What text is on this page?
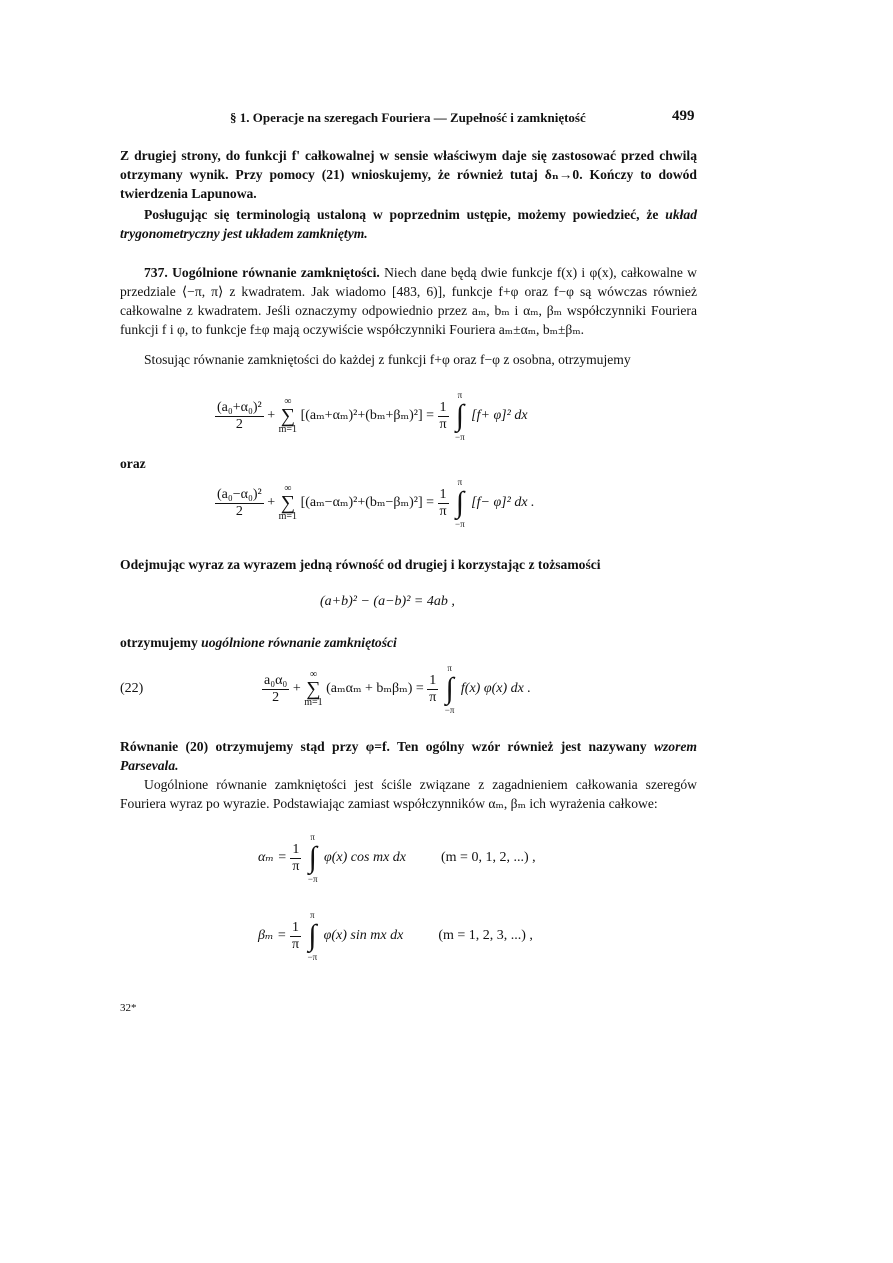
§ 1. Operacje na szeregach Fouriera — Zupełność i zamkniętość	499
Z drugiej strony, do funkcji f' całkowalnej w sensie właściwym daje się zastosować przed chwilą otrzymany wynik. Przy pomocy (21) wnioskujemy, że również tutaj δₙ→0. Kończy to dowód twierdzenia Lapunowa.
Posługując się terminologią ustaloną w poprzednim ustępie, możemy powiedzieć, że układ trygonometryczny jest układem zamkniętym.
737. Uogólnione równanie zamkniętości. Niech dane będą dwie funkcje f(x) i φ(x), całkowalne w przedziale ⟨−π, π⟩ z kwadratem. Jak wiadomo [483, 6)], funkcje f+φ oraz f−φ są wówczas również całkowalne z kwadratem. Jeśli oznaczymy odpowiednio przez aₘ, bₘ i αₘ, βₘ współczynniki Fouriera funkcji f i φ, to funkcje f±φ mają oczywiście współczynniki Fouriera aₘ±αₘ, bₘ±βₘ.
Stosując równanie zamkniętości do każdej z funkcji f+φ oraz f−φ z osobna, otrzymujemy
$\frac{\text{(a₀+α₀)²}}{2}$ + ∞
∑
m=1 $[(a_m+\alpha_m)^2+(b_m+\beta_m)^2] = \frac{1}{\pi}$
π
∫
−π [f+ φ]² dx
oraz
$\frac{\text{(a₀−α₀)²}}{2}$ + ∞
∑
m=1 $[(a_m-\alpha_m)^2+(b_m-\beta_m)^2] = \frac{1}{\pi}$
π
∫
−π [f− φ]² dx .
Odejmując wyraz za wyrazem jedną równość od drugiej i korzystając z tożsamości
(a+b)² − (a−b)² = 4ab ,
otrzymujemy uogólnione równanie zamkniętości
(22)	$\frac{\text{a₀α₀}}{2}$ + ∞
∑
m=1 $(a_m\alpha_m + b_m\beta_m) = \frac{1}{\pi}$
π
∫
−π f(x) φ(x) dx .
Równanie (20) otrzymujemy stąd przy φ=f. Ten ogólny wzór również jest nazywany wzorem Parsevala.
Uogólnione równanie zamkniętości jest ściśle związane z zagadnieniem całkowania szeregów Fouriera wyraz po wyrazie. Podstawiając zamiast współczynników αₘ, βₘ ich wyrażenia całkowe:
$\alpha_m = \frac{1}{\pi}$
π
∫
−π φ(x) cos mx dx	(m = 0, 1, 2, ...) ,
$\beta_m = \frac{1}{\pi}$
π
∫
−π φ(x) sin mx dx	(m = 1, 2, 3, ...) ,
32*
